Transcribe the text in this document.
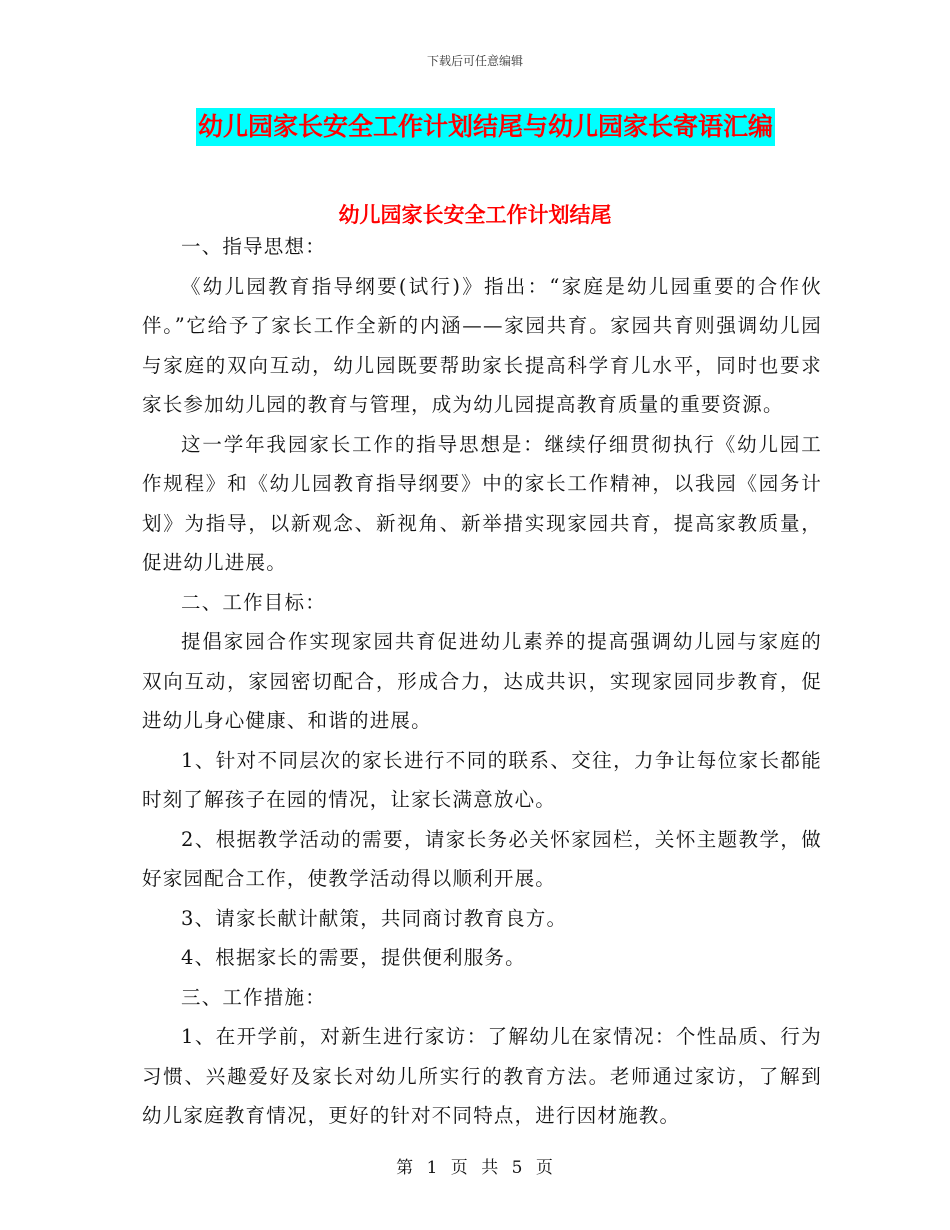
下载后可任意编辑
幼儿园家长安全工作计划结尾与幼儿园家长寄语汇编
幼儿园家长安全工作计划结尾

一、指导思想：

《幼儿园教育指导纲要(试行)》指出：“家庭是幼儿园重要的合作伙伴。”它给予了家长工作全新的内涵——家园共育。家园共育则强调幼儿园与家庭的双向互动，幼儿园既要帮助家长提高科学育儿水平，同时也要求家长参加幼儿园的教育与管理，成为幼儿园提高教育质量的重要资源。

这一学年我园家长工作的指导思想是：继续仔细贯彻执行《幼儿园工作规程》和《幼儿园教育指导纲要》中的家长工作精神，以我园《园务计划》为指导，以新观念、新视角、新举措实现家园共育，提高家教质量，促进幼儿进展。

二、工作目标：

提倡家园合作实现家园共育促进幼儿素养的提高强调幼儿园与家庭的双向互动，家园密切配合，形成合力，达成共识，实现家园同步教育，促进幼儿身心健康、和谐的进展。

1、针对不同层次的家长进行不同的联系、交往，力争让每位家长都能时刻了解孩子在园的情况，让家长满意放心。

2、根据教学活动的需要，请家长务必关怀家园栏，关怀主题教学，做好家园配合工作，使教学活动得以顺利开展。

3、请家长献计献策，共同商讨教育良方。

4、根据家长的需要，提供便利服务。

三、工作措施：

1、在开学前，对新生进行家访：了解幼儿在家情况：个性品质、行为习惯、兴趣爱好及家长对幼儿所实行的教育方法。老师通过家访，了解到幼儿家庭教育情况，更好的针对不同特点，进行因材施教。

第 1 页 共 5 页
